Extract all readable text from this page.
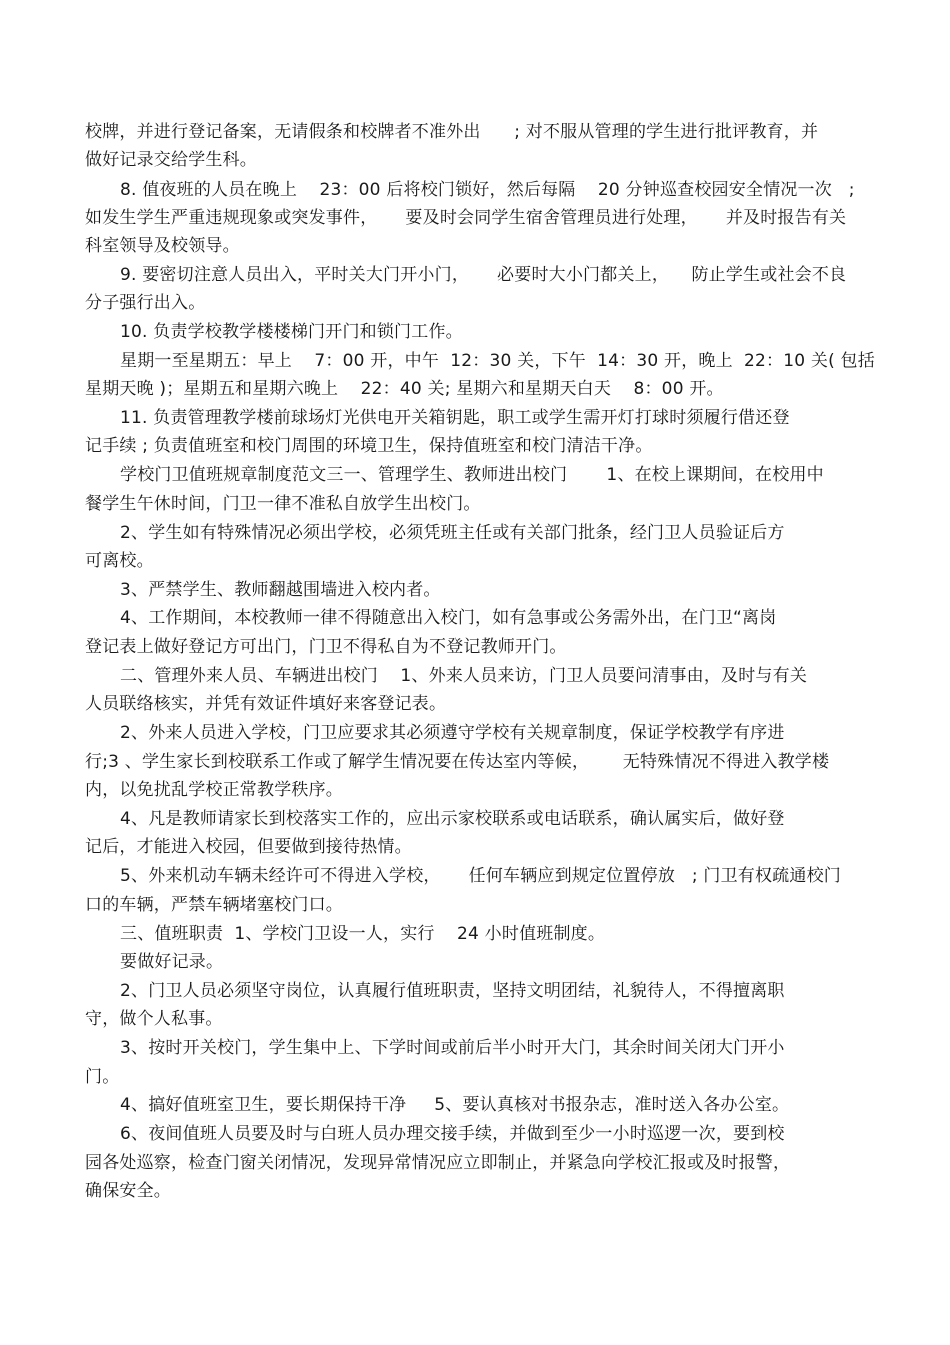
校牌，并进行登记备案，无请假条和校牌者不准外出      ; 对不服从管理的学生进行批评教育，并
做好记录交给学生科。
8. 值夜班的人员在晚上    23：00 后将校门锁好，然后每隔    20 分钟巡查校园安全情况一次   ;
如发生学生严重违规现象或突发事件，     要及时会同学生宿舍管理员进行处理，     并及时报告有关
科室领导及校领导。
9. 要密切注意人员出入，平时关大门开小门，     必要时大小门都关上，    防止学生或社会不良
分子强行出入。
10. 负责学校教学楼楼梯门开门和锁门工作。
星期一至星期五：早上    7：00 开，中午  12：30 关，下午  14：30 开，晚上  22：10 关( 包括
星期天晚 )；星期五和星期六晚上    22：40 关; 星期六和星期天白天    8：00 开。
11. 负责管理教学楼前球场灯光供电开关箱钥匙，职工或学生需开灯打球时须履行借还登
记手续 ; 负责值班室和校门周围的环境卫生，保持值班室和校门清洁干净。
学校门卫值班规章制度范文三一、管理学生、教师进出校门       1、在校上课期间，在校用中
餐学生午休时间，门卫一律不准私自放学生出校门。
2、学生如有特殊情况必须出学校，必须凭班主任或有关部门批条，经门卫人员验证后方
可离校。
3、严禁学生、教师翻越围墙进入校内者。
4、工作期间，本校教师一律不得随意出入校门，如有急事或公务需外出，在门卫“离岗
登记表上做好登记方可出门，门卫不得私自为不登记教师开门。
二、管理外来人员、车辆进出校门    1、外来人员来访，门卫人员要问清事由，及时与有关
人员联络核实，并凭有效证件填好来客登记表。
2、外来人员进入学校，门卫应要求其必须遵守学校有关规章制度，保证学校教学有序进
行;3 、学生家长到校联系工作或了解学生情况要在传达室内等候，      无特殊情况不得进入教学楼
内，以免扰乱学校正常教学秩序。
4、凡是教师请家长到校落实工作的，应出示家校联系或电话联系，确认属实后，做好登
记后，才能进入校园，但要做到接待热情。
5、外来机动车辆未经许可不得进入学校，     任何车辆应到规定位置停放   ; 门卫有权疏通校门
口的车辆，严禁车辆堵塞校门口。
三、值班职责  1、学校门卫设一人，实行    24 小时值班制度。
要做好记录。
2、门卫人员必须坚守岗位，认真履行值班职责，坚持文明团结，礼貌待人，不得擅离职
守，做个人私事。
3、按时开关校门，学生集中上、下学时间或前后半小时开大门，其余时间关闭大门开小
门。
4、搞好值班室卫生，要长期保持干净     5、要认真核对书报杂志，准时送入各办公室。
6、夜间值班人员要及时与白班人员办理交接手续，并做到至少一小时巡逻一次，要到校
园各处巡察，检查门窗关闭情况，发现异常情况应立即制止，并紧急向学校汇报或及时报警，
确保安全。
